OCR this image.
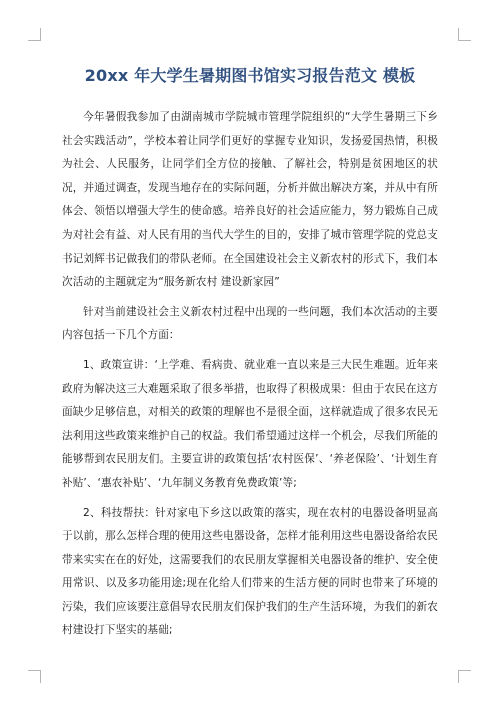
20xx 年大学生暑期图书馆实习报告范文 模板

今年暑假我参加了由湖南城市学院城市管理学院组织的“大学生暑期三下乡社会实践活动”，学校本着让同学们更好的掌握专业知识，发扬爱国热情，积极为社会、人民服务，让同学们全方位的接触、了解社会，特别是贫困地区的状况，并通过调查，发现当地存在的实际问题，分析并做出解决方案，并从中有所体会、领悟以增强大学生的使命感。培养良好的社会适应能力，努力锻炼自己成为对社会有益、对人民有用的当代大学生的目的，安排了城市管理学院的党总支书记刘辉书记做我们的带队老师。在全国建设社会主义新农村的形式下，我们本次活动的主题就定为“服务新农村 建设新家园”

针对当前建设社会主义新农村过程中出现的一些问题，我们本次活动的主要内容包括一下几个方面：

1、政策宣讲：‘上学难、看病贵、就业难一直以来是三大民生难题。近年来政府为解决这三大难题采取了很多举措，也取得了积极成果：但由于农民在这方面缺少足够信息，对相关的政策的理解也不是很全面，这样就造成了很多农民无法利用这些政策来维护自己的权益。我们希望通过这样一个机会，尽我们所能的能够帮到农民朋友们。主要宣讲的政策包括‘农村医保’、‘养老保险’、‘计划生育补贴’、‘惠农补贴’、‘九年制义务教育免费政策’等;

2、科技帮扶：针对家电下乡这以政策的落实，现在农村的电器设备明显高于以前，那么怎样合理的使用这些电器设备，怎样才能利用这些电器设备给农民带来实实在在的好处，这需要我们的农民朋友掌握相关电器设备的维护、安全使用常识、以及多功能用途;现在化给人们带来的生活方便的同时也带来了环境的污染，我们应该要注意倡导农民朋友们保护我们的生产生活环境，为我们的新农村建设打下坚实的基础;
